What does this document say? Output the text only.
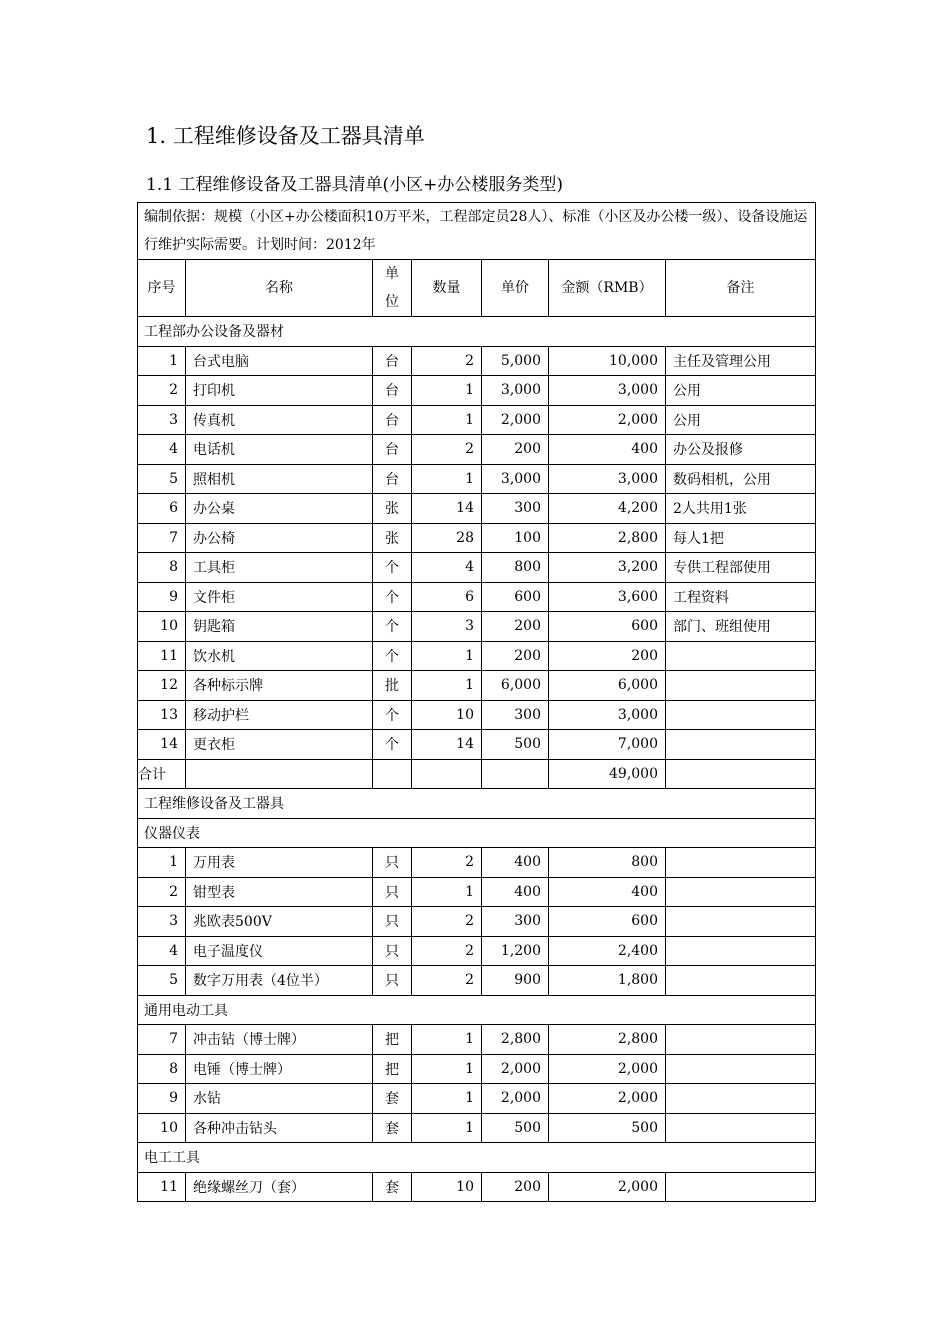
1. 工程维修设备及工器具清单
1.1 工程维修设备及工器具清单(小区+办公楼服务类型)
编制依据：规模（小区+办公楼面积10万平米，工程部定员28人）、标准（小区及办公楼一级）、设备设施运行维护实际需要。计划时间：2012年						
序号	名称	单位	数量	单价	金额（RMB）	备注
工程部办公设备及器材						
1	台式电脑	台	2	5,000	10,000	主任及管理公用
2	打印机	台	1	3,000	3,000	公用
3	传真机	台	1	2,000	2,000	公用
4	电话机	台	2	200	400	办公及报修
5	照相机	台	1	3,000	3,000	数码相机，公用
6	办公桌	张	14	300	4,200	2人共用1张
7	办公椅	张	28	100	2,800	每人1把
8	工具柜	个	4	800	3,200	专供工程部使用
9	文件柜	个	6	600	3,600	工程资料
10	钥匙箱	个	3	200	600	部门、班组使用
11	饮水机	个	1	200	200	
12	各种标示牌	批	1	6,000	6,000	
13	移动护栏	个	10	300	3,000	
14	更衣柜	个	14	500	7,000	
合计					49,000	
工程维修设备及工器具						
仪器仪表						
1	万用表	只	2	400	800	
2	钳型表	只	1	400	400	
3	兆欧表500V	只	2	300	600	
4	电子温度仪	只	2	1,200	2,400	
5	数字万用表（4位半）	只	2	900	1,800	
通用电动工具						
7	冲击钻（博士牌）	把	1	2,800	2,800	
8	电锤（博士牌）	把	1	2,000	2,000	
9	水钻	套	1	2,000	2,000	
10	各种冲击钻头	套	1	500	500	
电工工具						
11	绝缘螺丝刀（套）	套	10	200	2,000	
